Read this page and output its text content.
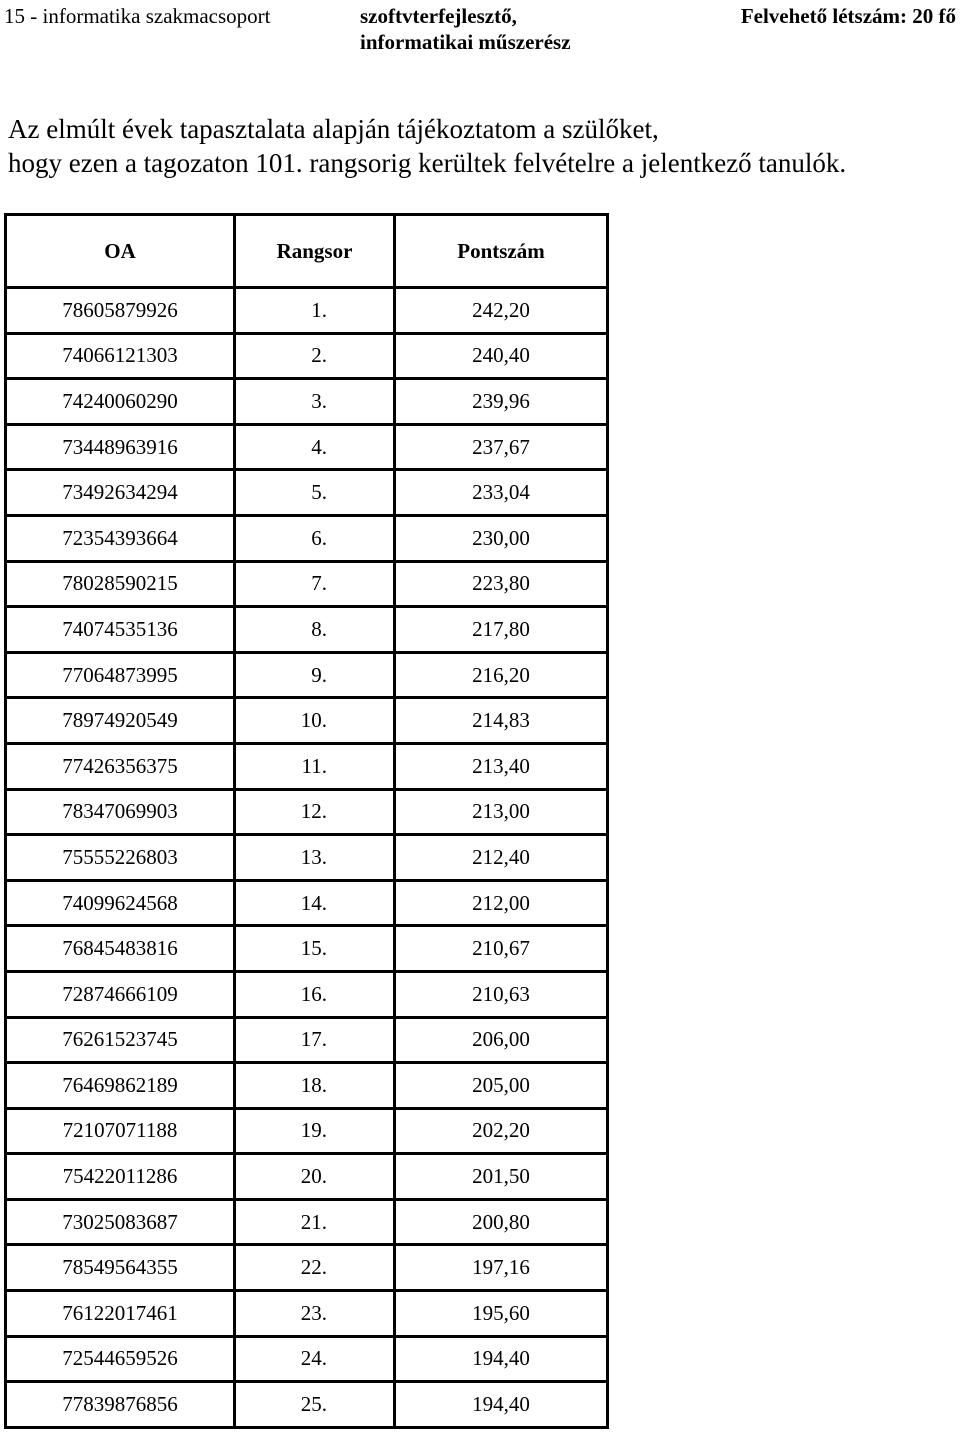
15 - informatika szakmacsoport	szoftvterfejlesztő,
informatikai műszerész
Felvehető létszám: 20 fő
Az elmúlt évek tapasztalata alapján tájékoztatom a szülőket,
hogy ezen a tagozaton 101. rangsorig kerültek felvételre a jelentkező tanulók.
OA	Rangsor	Pontszám
78605879926	1.	242,20
74066121303	2.	240,40
74240060290	3.	239,96
73448963916	4.	237,67
73492634294	5.	233,04
72354393664	6.	230,00
78028590215	7.	223,80
74074535136	8.	217,80
77064873995	9.	216,20
78974920549	10.	214,83
77426356375	11.	213,40
78347069903	12.	213,00
75555226803	13.	212,40
74099624568	14.	212,00
76845483816	15.	210,67
72874666109	16.	210,63
76261523745	17.	206,00
76469862189	18.	205,00
72107071188	19.	202,20
75422011286	20.	201,50
73025083687	21.	200,80
78549564355	22.	197,16
76122017461	23.	195,60
72544659526	24.	194,40
77839876856	25.	194,40
